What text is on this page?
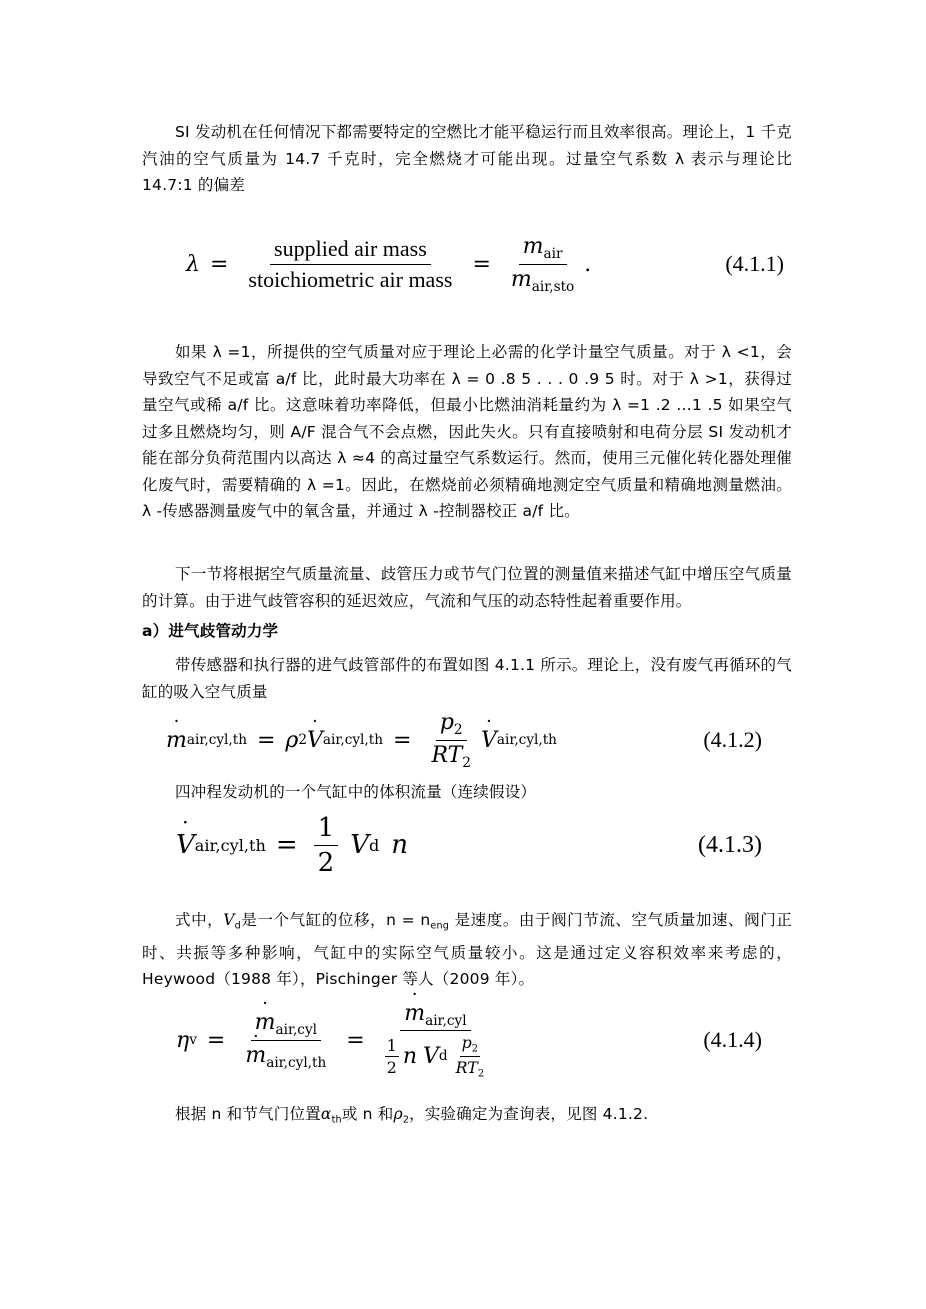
SI 发动机在任何情况下都需要特定的空燃比才能平稳运行而且效率很高。理论上，1 千克汽油的空气质量为 14.7 千克时，完全燃烧才可能出现。过量空气系数 λ 表示与理论比 14.7:1 的偏差

$\lambda = \frac{\text{supplied air mass}}{\text{stoichiometric air mass}} = \frac{m_{air}}{m_{air,sto}}$ .	(4.1.1)

如果 λ =1，所提供的空气质量对应于理论上必需的化学计量空气质量。对于 λ <1，会导致空气不足或富 a/f 比，此时最大功率在 λ = 0 .8 5 . . . 0 .9 5 时。对于 λ >1，获得过量空气或稀 a/f 比。这意味着功率降低，但最小比燃油消耗量约为 λ =1 .2 …1 .5 如果空气过多且燃烧均匀，则 A/F 混合气不会点燃，因此失火。只有直接喷射和电荷分层 SI 发动机才能在部分负荷范围内以高达 λ ≈4 的高过量空气系数运行。然而，使用三元催化转化器处理催化废气时，需要精确的 λ =1。因此，在燃烧前必须精确地测定空气质量和精确地测量燃油。 λ -传感器测量废气中的氧含量，并通过 λ -控制器校正 a/f 比。

下一节将根据空气质量流量、歧管压力或节气门位置的测量值来描述气缸中增压空气质量的计算。由于进气歧管容积的延迟效应，气流和气压的动态特性起着重要作用。

a）进气歧管动力学

带传感器和执行器的进气歧管部件的布置如图 4.1.1 所示。理论上，没有废气再循环的气缸的吸入空气质量

˙ m air,cyl,th = ρ 2 ˙ V $air,cyl,th = \frac{p_2}{RT_2}$ ˙ V air,cyl,th	(4.1.2)

四冲程发动机的一个气缸中的体积流量（连续假设）

˙ V $air,cyl,th = \frac{1}{2}$ V d n	(4.1.3)

式中，$V_d$是一个气缸的位移，$n = n_{eng}$ 是速度。由于阀门节流、空气质量加速、阀门正时、共振等多种影响，气缸中的实际空气质量较小。这是通过定义容积效率来考虑的，Heywood（1988 年），Pischinger 等人（2009 年）。

η v = ˙ $m_{air,cyl}$
˙ $m_{air,cyl,th}$ =
˙ $m_{air,cyl}$
$\frac{1}{2}$ n V d $\frac{p_2}{RT_2}$	(4.1.4)

根据 n 和节气门位置$\alpha_{th}$或 n 和$\rho_2$，实验确定为查询表，见图 4.1.2.
